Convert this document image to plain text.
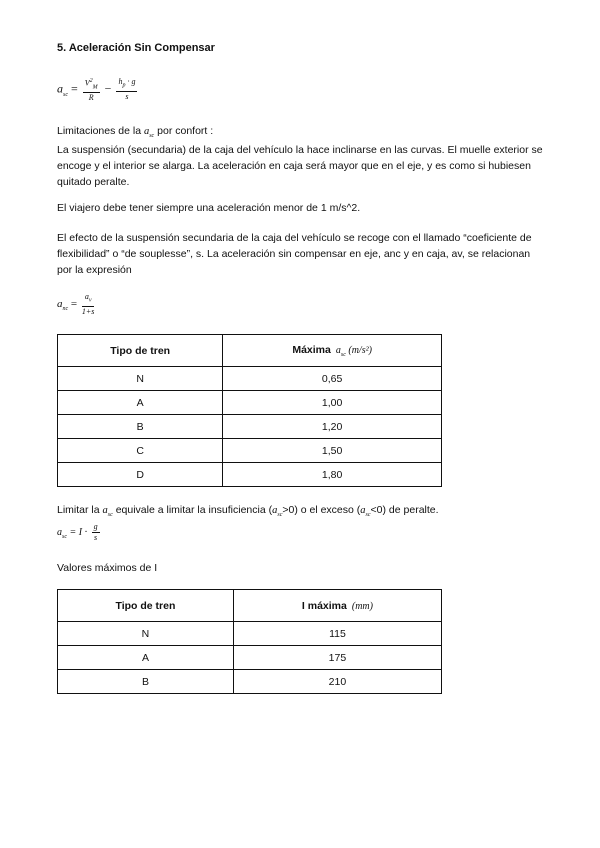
5. Aceleración Sin Compensar
$a_{sc} = \frac{V^2_M}{R} - \frac{h_p \cdot g}{s}$
Limitaciones de la $a_{sc}$ por confort :
La suspensión (secundaria) de la caja del vehículo la hace inclinarse en las curvas. El muelle exterior se encoge y el interior se alarga. La aceleración en caja será mayor que en el eje, y es como si hubiesen quitado peralte.
El viajero debe tener siempre una aceleración menor de 1 m/s^2.
El efecto de la suspensión secundaria de la caja del vehículo se recoge con el llamado “coeficiente de flexibilidad” o “de souplesse”, s. La aceleración sin compensar en eje, anc y en caja, av, se relacionan por la expresión
$a_{nc} = \frac{a_v}{1+s}$
Tipo de tren	Máxima $a_{sc}$ (m/s²)
N	0,65
A	1,00
B	1,20
C	1,50
D	1,80
Limitar la $a_{sc}$ equivale a limitar la insuficiencia $(a_{sc}>0)$ o el exceso $(a_{sc}<0)$ de peralte.
$a_{sc} = I \cdot \frac{g}{s}$
Valores máximos de I
Tipo de tren	I máxima (mm)
N	115
A	175
B	210
